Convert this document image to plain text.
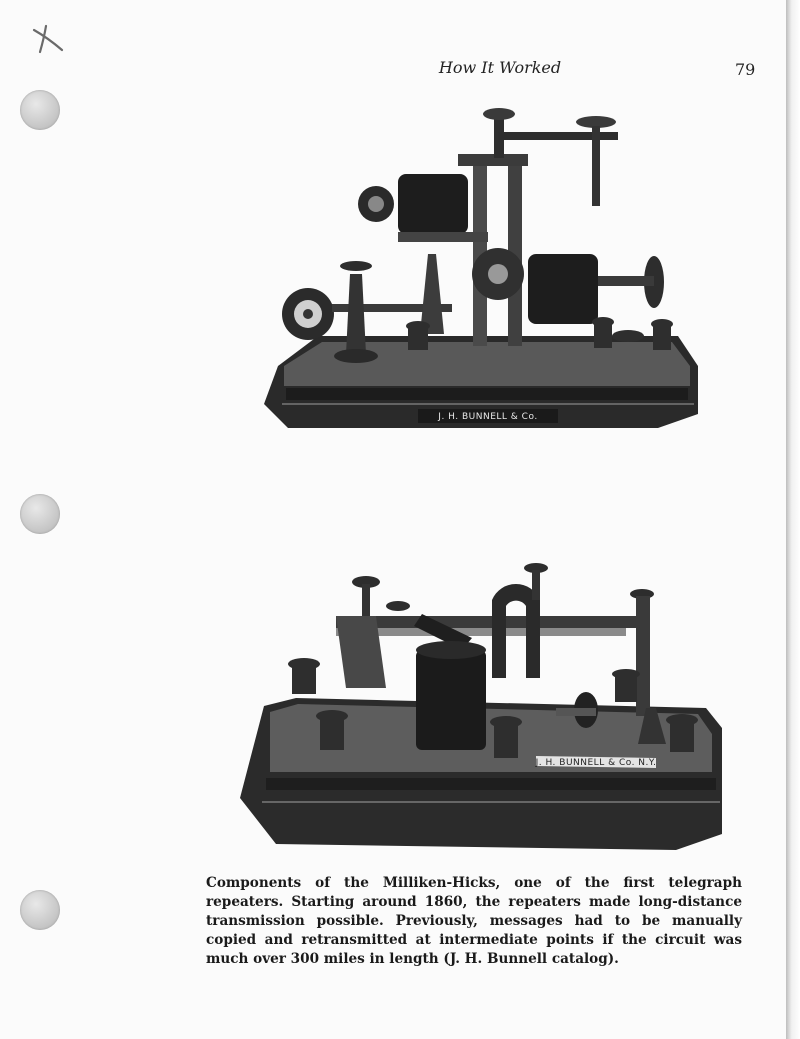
How It Worked	79
J. H. BUNNELL & Co.
J. H. BUNNELL & Co. N.Y.
Components of the Milliken-Hicks, one of the first telegraph repeaters. Starting around 1860, the repeaters made long-distance transmission possible. Previously, messages had to be manually copied and retransmitted at intermediate points if the circuit was much over 300 miles in length (J. H. Bunnell catalog).
